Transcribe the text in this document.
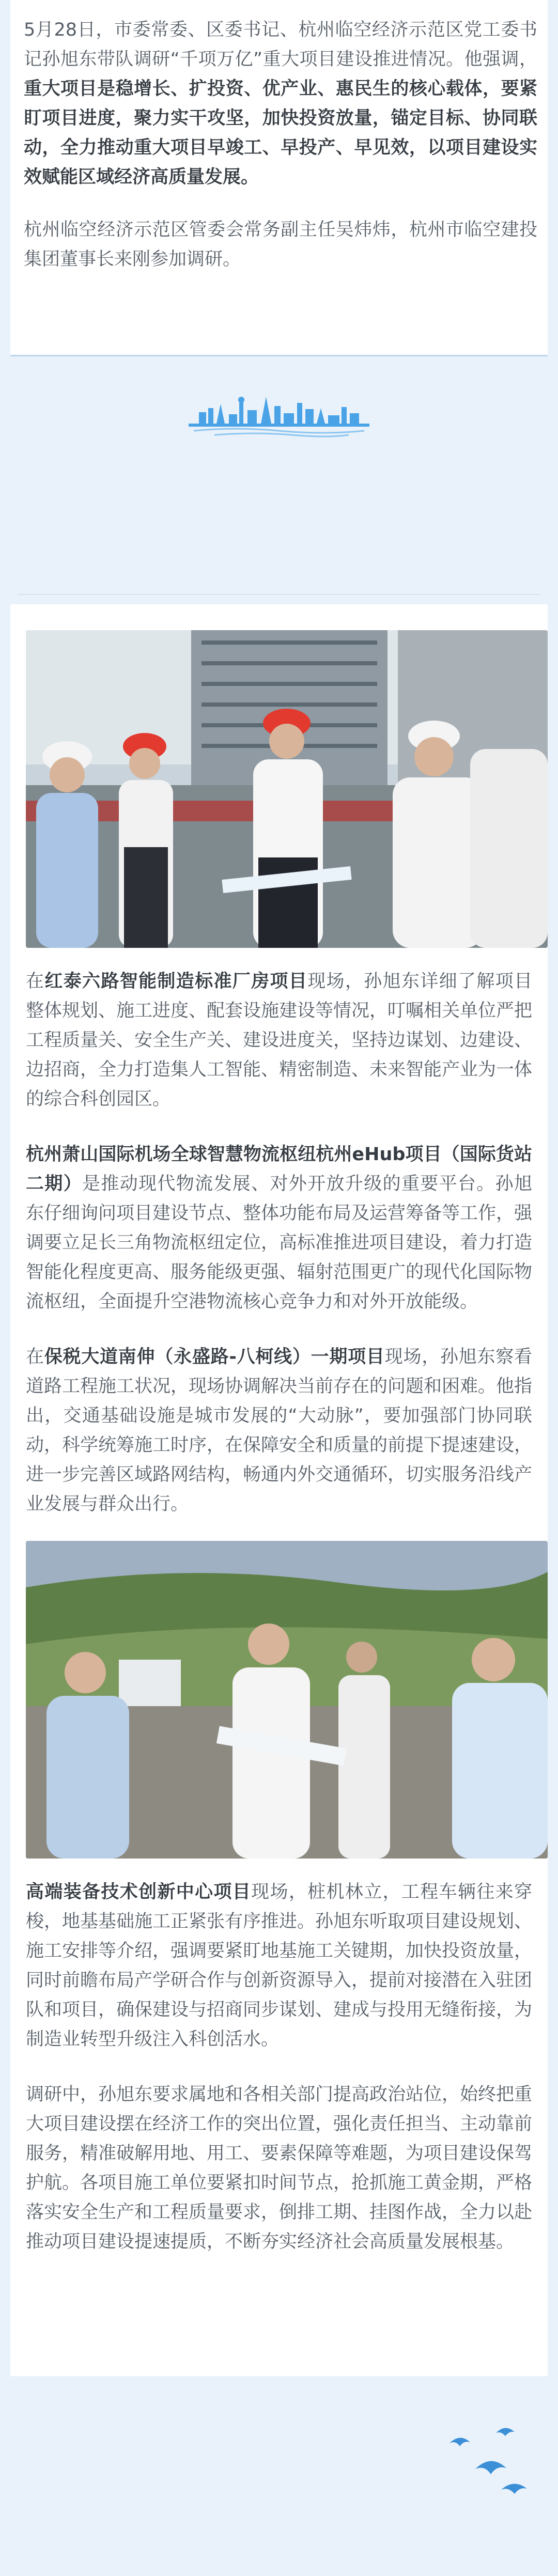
5月28日，市委常委、区委书记、杭州临空经济示范区党工委书记孙旭东带队调研“千项万亿”重大项目建设推进情况。他强调，重大项目是稳增长、扩投资、优产业、惠民生的核心载体，要紧盯项目进度，聚力实干攻坚，加快投资放量，锚定目标、协同联动，全力推动重大项目早竣工、早投产、早见效，以项目建设实效赋能区域经济高质量发展。

杭州临空经济示范区管委会常务副主任吴炜炜，杭州市临空建投集团董事长来刚参加调研。

在红泰六路智能制造标准厂房项目现场，孙旭东详细了解项目整体规划、施工进度、配套设施建设等情况，叮嘱相关单位严把工程质量关、安全生产关、建设进度关，坚持边谋划、边建设、边招商，全力打造集人工智能、精密制造、未来智能产业为一体的综合科创园区。

杭州萧山国际机场全球智慧物流枢纽杭州eHub项目（国际货站二期）是推动现代物流发展、对外开放升级的重要平台。孙旭东仔细询问项目建设节点、整体功能布局及运营筹备等工作，强调要立足长三角物流枢纽定位，高标准推进项目建设，着力打造智能化程度更高、服务能级更强、辐射范围更广的现代化国际物流枢纽，全面提升空港物流核心竞争力和对外开放能级。

在保税大道南伸（永盛路-八柯线）一期项目现场，孙旭东察看道路工程施工状况，现场协调解决当前存在的问题和困难。他指出，交通基础设施是城市发展的“大动脉”，要加强部门协同联动，科学统筹施工时序，在保障安全和质量的前提下提速建设，进一步完善区域路网结构，畅通内外交通循环，切实服务沿线产业发展与群众出行。

高端装备技术创新中心项目现场，桩机林立，工程车辆往来穿梭，地基基础施工正紧张有序推进。孙旭东听取项目建设规划、施工安排等介绍，强调要紧盯地基施工关键期，加快投资放量，同时前瞻布局产学研合作与创新资源导入，提前对接潜在入驻团队和项目，确保建设与招商同步谋划、建成与投用无缝衔接，为制造业转型升级注入科创活水。

调研中，孙旭东要求属地和各相关部门提高政治站位，始终把重大项目建设摆在经济工作的突出位置，强化责任担当、主动靠前服务，精准破解用地、用工、要素保障等难题，为项目建设保驾护航。各项目施工单位要紧扣时间节点，抢抓施工黄金期，严格落实安全生产和工程质量要求，倒排工期、挂图作战，全力以赴推动项目建设提速提质，不断夯实经济社会高质量发展根基。
